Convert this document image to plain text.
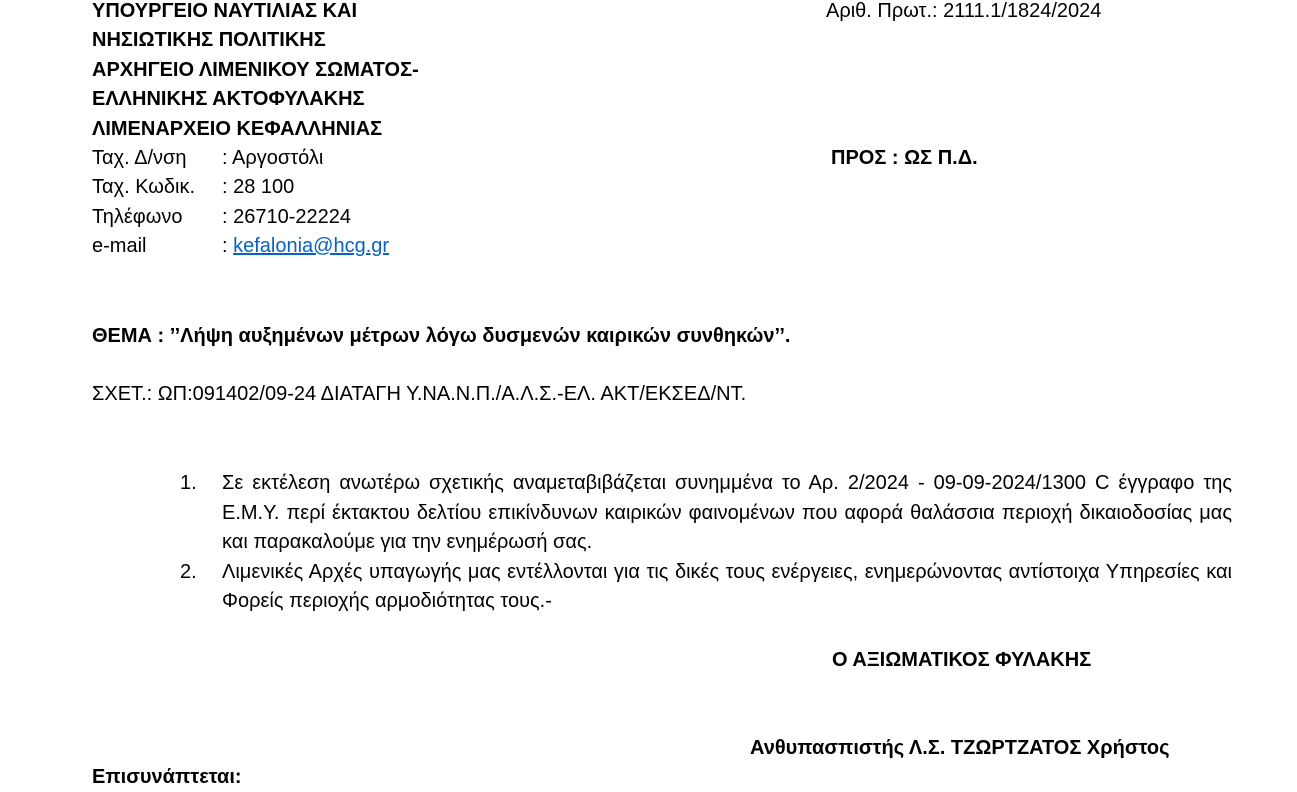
ΥΠΟΥΡΓΕΙΟ ΝΑΥΤΙΛΙΑΣ ΚΑΙ
ΝΗΣΙΩΤΙΚΗΣ ΠΟΛΙΤΙΚΗΣ
ΑΡΧΗΓΕΙΟ ΛΙΜΕΝΙΚΟΥ ΣΩΜΑΤΟΣ-
ΕΛΛΗΝΙΚΗΣ ΑΚΤΟΦΥΛΑΚΗΣ
ΛΙΜΕΝΑΡΧΕΙΟ ΚΕΦΑΛΛΗΝΙΑΣ
Αριθ. Πρωτ.: 2111.1/1824/2024
ΠΡΟΣ : ΩΣ Π.Δ.
Ταχ. Δ/νση : Αργοστόλι
Ταχ. Κωδικ. : 28 100
Τηλέφωνο : 26710-22224
e-mail	: kefalonia@hcg.gr
ΘΕΜΑ : ’’Λήψη αυξημένων μέτρων λόγω δυσμενών καιρικών συνθηκών’’.
ΣΧΕΤ.: ΩΠ:091402/09-24 ΔΙΑΤΑΓΗ Υ.ΝΑ.Ν.Π./Α.Λ.Σ.-ΕΛ. ΑΚΤ/ΕΚΣΕΔ/ΝΤ.
1.	Σε εκτέλεση ανωτέρω σχετικής αναμεταβιβάζεται συνημμένα το Αρ. 2/2024 - 09-09-2024/1300 C έγγραφο της Ε.Μ.Υ. περί έκτακτου δελτίου επικίνδυνων καιρικών φαινομένων που αφορά θαλάσσια περιοχή δικαιοδοσίας μας και παρακαλούμε για την ενημέρωσή σας.
2.	Λιμενικές Αρχές υπαγωγής μας εντέλλονται για τις δικές τους ενέργειες, ενημερώνοντας αντίστοιχα Υπηρεσίες και Φορείς περιοχής αρμοδιότητας τους.-
Ο ΑΞΙΩΜΑΤΙΚΟΣ ΦΥΛΑΚΗΣ
Ανθυπασπιστής Λ.Σ. ΤΖΩΡΤΖΑΤΟΣ Χρήστος
Επισυνάπτεται:
